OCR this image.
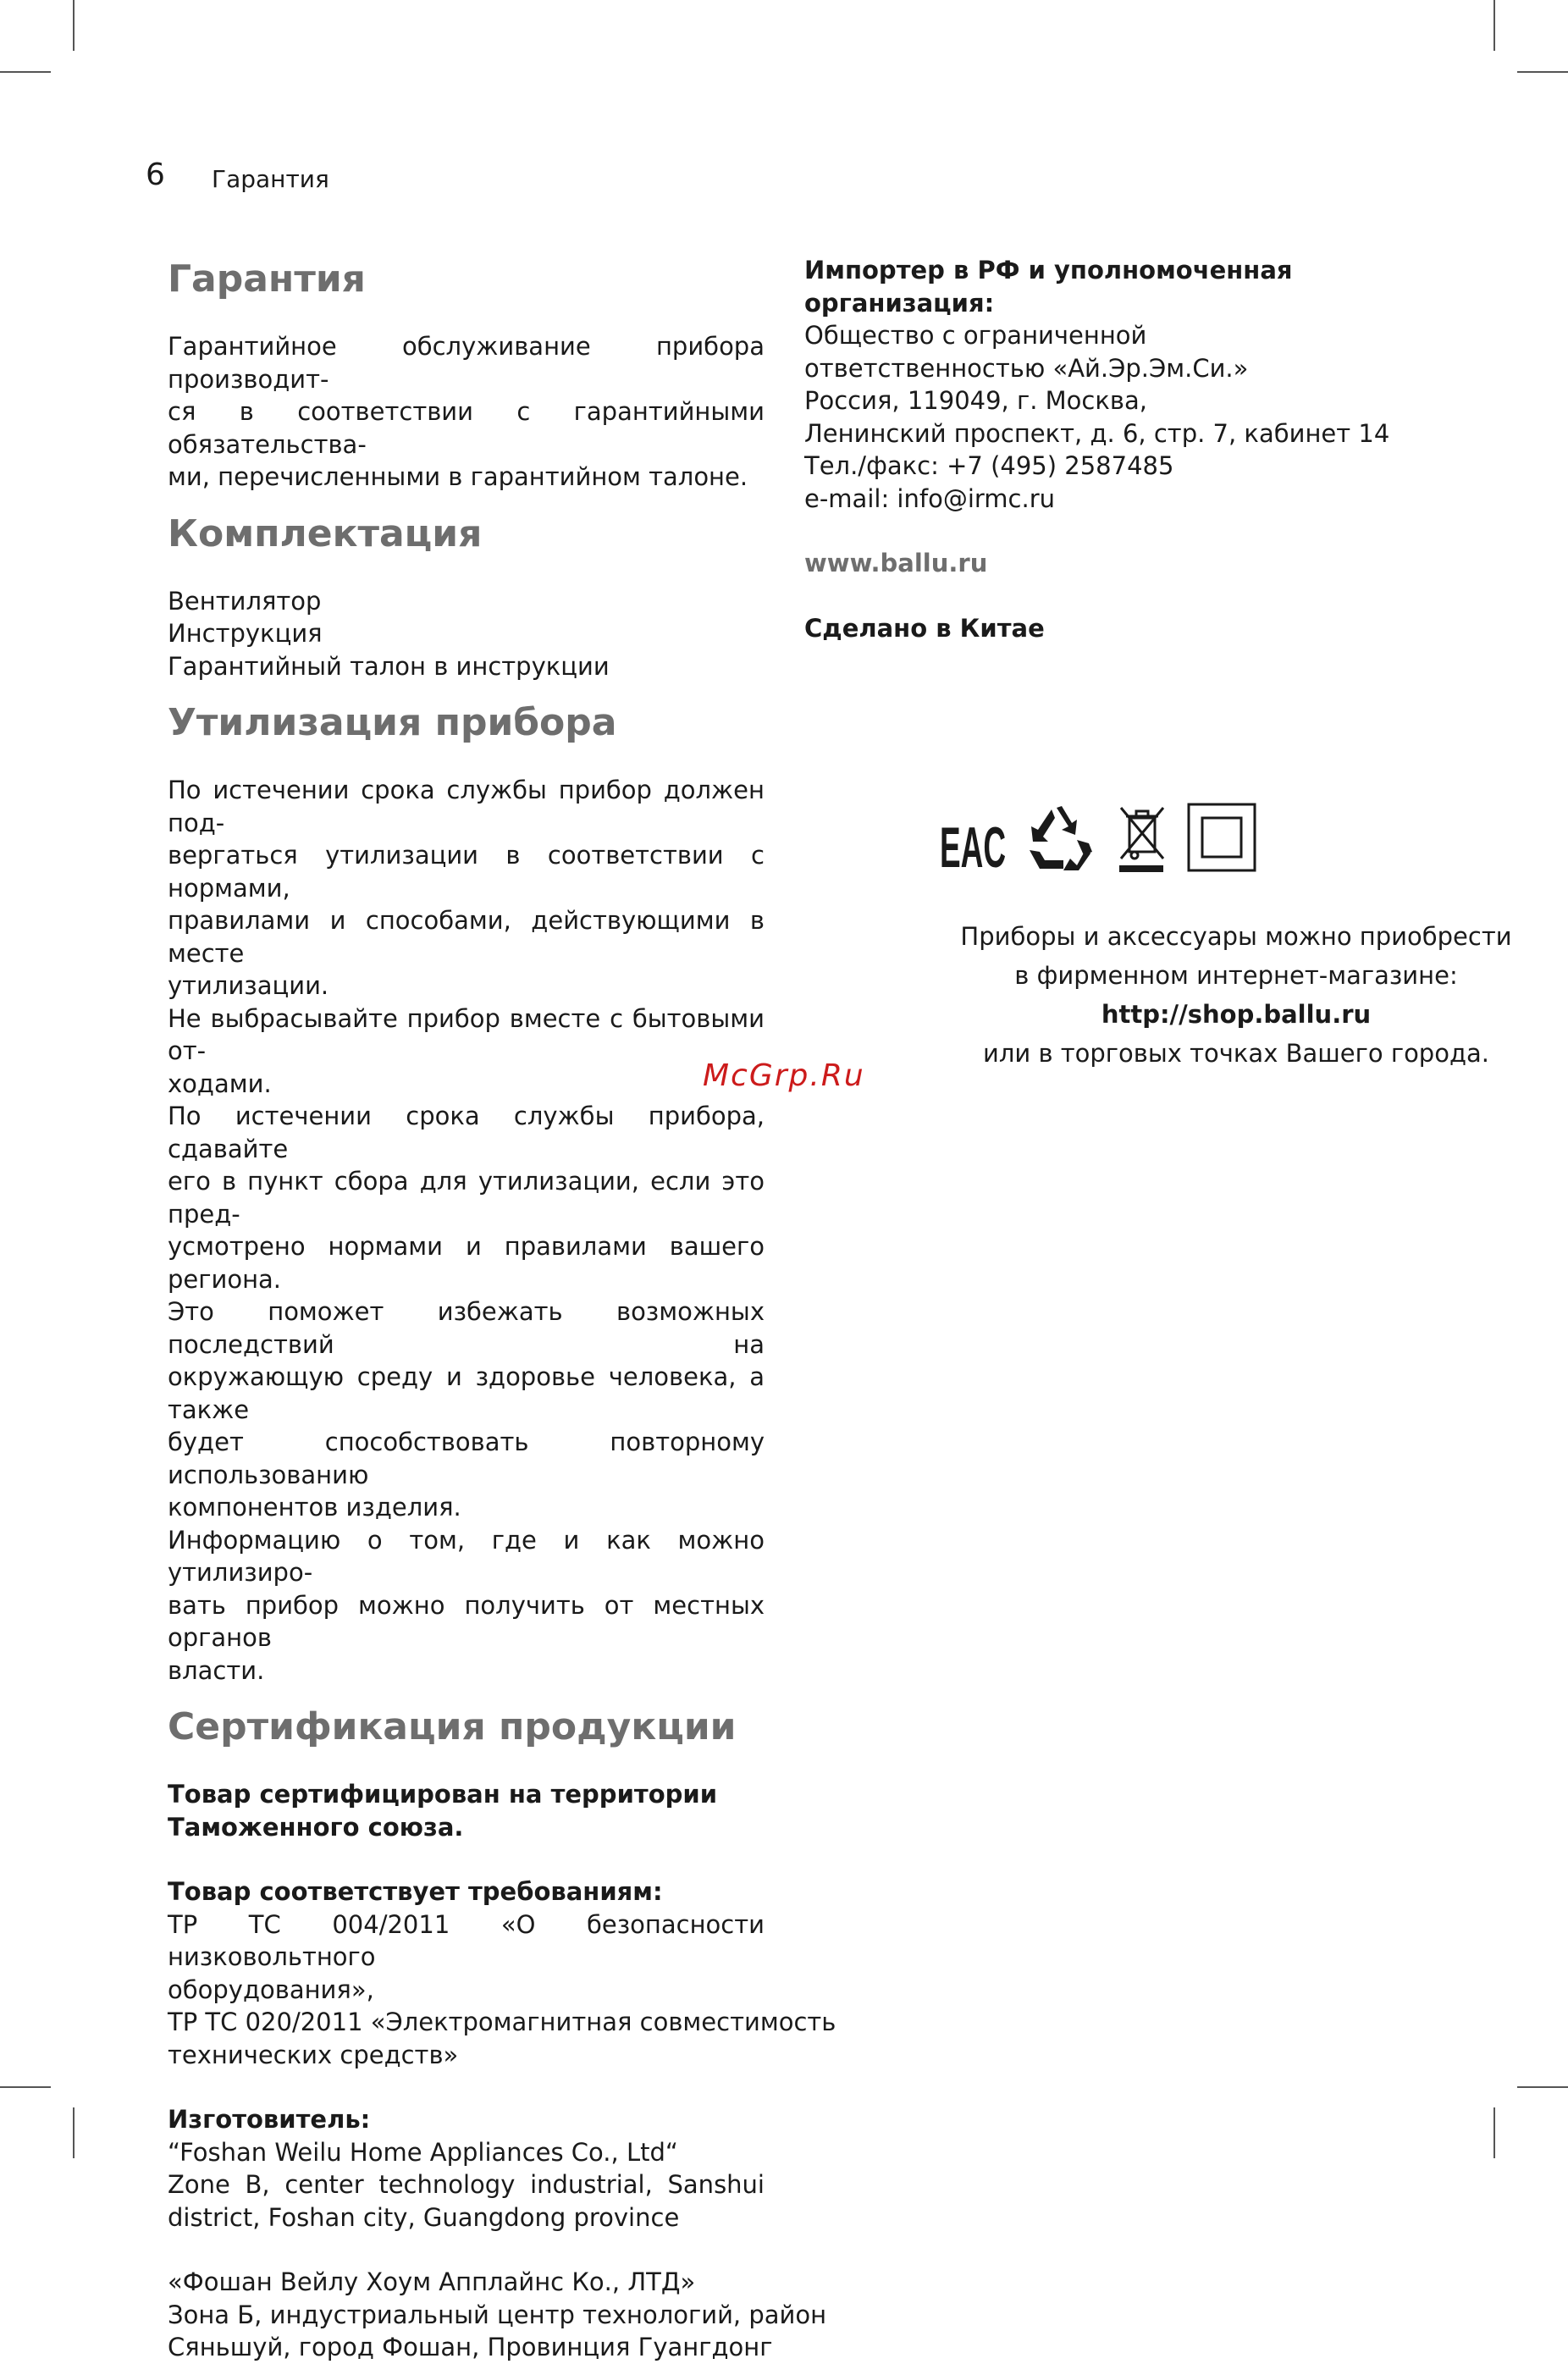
6 Гарантия
Гарантия
Гарантийное обслуживание прибора производит-
ся в соответствии с гарантийными обязательства-
ми, перечисленными в гарантийном талоне.
Комплектация
Вентилятор
Инструкция
Гарантийный талон в инструкции
Утилизация прибора
По истечении срока службы прибор должен под-
вергаться утилизации в соответствии с нормами,
правилами и способами, действующими в месте
утилизации.
Не выбрасывайте прибор вместе с бытовыми от-
ходами.
По истечении срока службы прибора, сдавайте
его в пункт сбора для утилизации, если это пред-
усмотрено нормами и правилами вашего региона.
Это поможет избежать возможных последствий на
окружающую среду и здоровье человека, а также
будет способствовать повторному использованию
компонентов изделия.
Информацию о том, где и как можно утилизиро-
вать прибор можно получить от местных органов
власти.
Сертификация продукции
Товар сертифицирован на территории
Таможенного союза.
Товар соответствует требованиям:
ТР ТС 004/2011 «О безопасности низковольтного
оборудования»,
ТР ТС 020/2011 «Электромагнитная совместимость
технических средств»
Изготовитель:
“Foshan Weilu Home Appliances Co., Ltd“
Zone B, center technology industrial, Sanshui
district, Foshan city, Guangdong province
«Фошан Вейлу Хоум Апплайнс Ко., ЛТД»
Зона Б, индустриальный центр технологий, район
Сяньшуй, город Фошан, Провинция Гуангдонг
Импортер в РФ и уполномоченная
организация:
Общество с ограниченной
ответственностью «Ай.Эр.Эм.Си.»
Россия, 119049, г. Москва,
Ленинский проспект, д. 6, стр. 7, кабинет 14
Тел./факс: +7 (495) 2587485
e-mail: info@irmc.ru
www.ballu.ru
Сделано в Китае
EAC
Приборы и аксессуары можно приобрести
в фирменном интернет-магазине:
http://shop.ballu.ru
или в торговых точках Вашего города.
McGrp.Ru
